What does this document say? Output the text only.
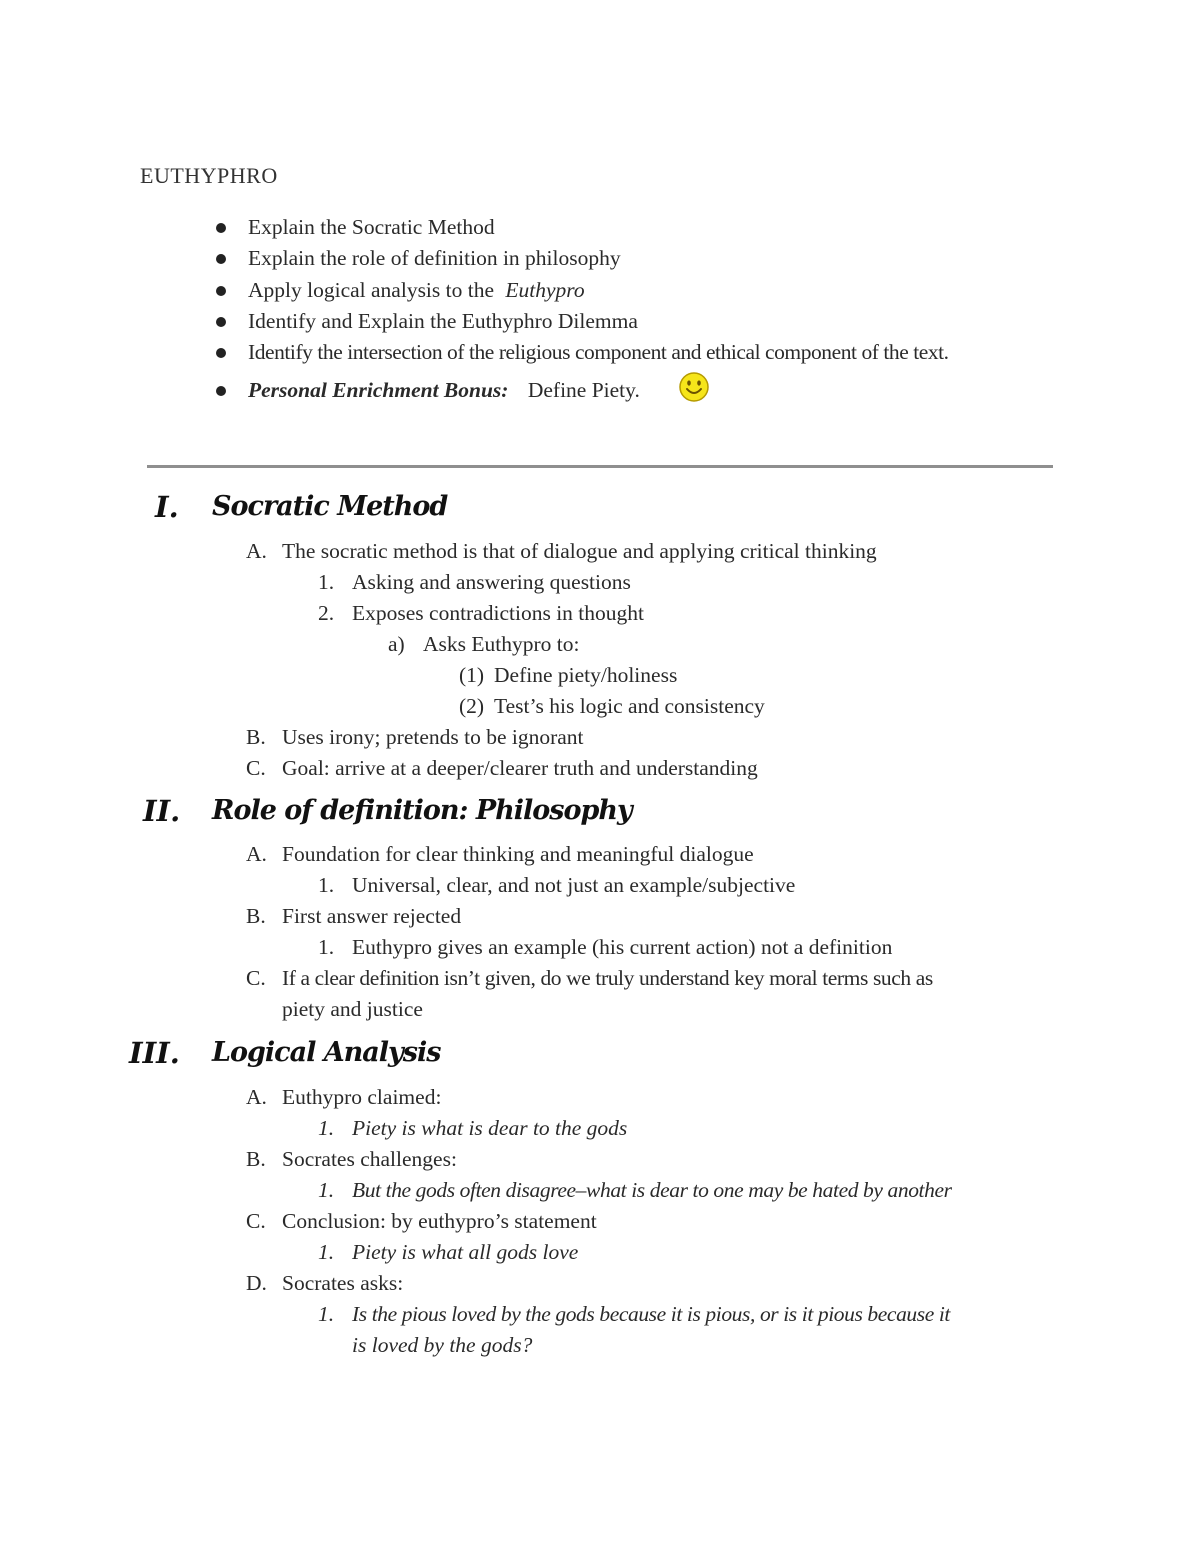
EUTHYPHRO
Explain the Socratic Method
Explain the role of definition in philosophy
Apply logical analysis to the Euthypro
Identify and Explain the Euthyphro Dilemma
Identify the intersection of the religious component and ethical component of the text.
Personal Enrichment Bonus: Define Piety.
I. Socratic Method
A. The socratic method is that of dialogue and applying critical thinking
1. Asking and answering questions
2. Exposes contradictions in thought
a) Asks Euthypro to:
(1) Define piety/holiness
(2) Test’s his logic and consistency
B. Uses irony; pretends to be ignorant
C. Goal: arrive at a deeper/clearer truth and understanding
II. Role of definition: Philosophy
A. Foundation for clear thinking and meaningful dialogue
1. Universal, clear, and not just an example/subjective
B. First answer rejected
1. Euthypro gives an example (his current action) not a definition
C. If a clear definition isn’t given, do we truly understand key moral terms such as
piety and justice
III. Logical Analysis
A. Euthypro claimed:
1. Piety is what is dear to the gods
B. Socrates challenges:
1. But the gods often disagree–what is dear to one may be hated by another
C. Conclusion: by euthypro’s statement
1. Piety is what all gods love
D. Socrates asks:
1. Is the pious loved by the gods because it is pious, or is it pious because it
is loved by the gods?
